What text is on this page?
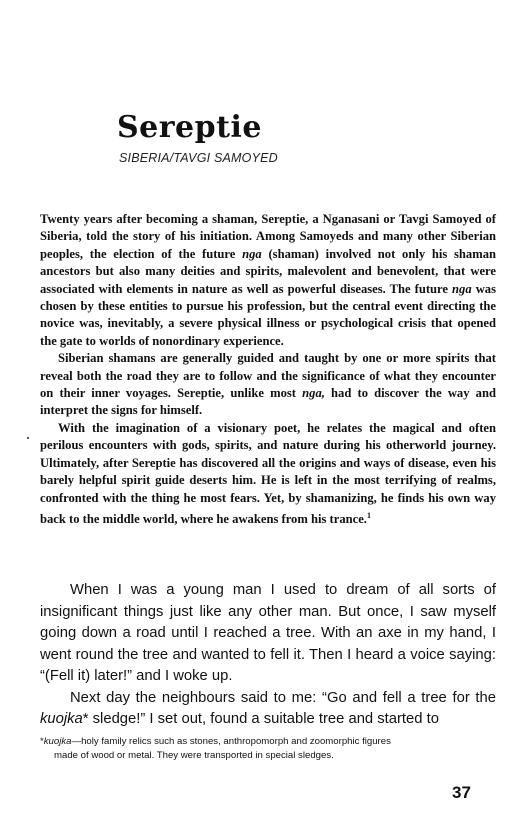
Sereptie
SIBERIA/TAVGI SAMOYED

Twenty years after becoming a shaman, Sereptie, a Nganasani or Tavgi Samoyed of Siberia, told the story of his initiation. Among Samoyeds and many other Siberian peoples, the election of the future nga (shaman) involved not only his shaman ancestors but also many deities and spirits, malevolent and benevolent, that were associated with elements in nature as well as powerful diseases. The future nga was chosen by these entities to pursue his profession, but the central event directing the novice was, inevitably, a severe physical illness or psychological crisis that opened the gate to worlds of nonordinary experience.

Siberian shamans are generally guided and taught by one or more spirits that reveal both the road they are to follow and the significance of what they encounter on their inner voyages. Sereptie, unlike most nga, had to discover the way and interpret the signs for himself.

With the imagination of a visionary poet, he relates the magical and often perilous encounters with gods, spirits, and nature during his otherworld journey. Ultimately, after Sereptie has discovered all the origins and ways of disease, even his barely helpful spirit guide deserts him. He is left in the most terrifying of realms, confronted with the thing he most fears. Yet, by shamanizing, he finds his own way back to the middle world, where he awakens from his trance.$^1$

When I was a young man I used to dream of all sorts of insignificant things just like any other man. But once, I saw myself going down a road until I reached a tree. With an axe in my hand, I went round the tree and wanted to fell it. Then I heard a voice saying: “(Fell it) later!” and I woke up.

Next day the neighbours said to me: “Go and fell a tree for the kuojka* sledge!” I set out, found a suitable tree and started to

*kuojka—holy family relics such as stones, anthropomorph and zoomorphic figures
made of wood or metal. They were transported in special sledges.
37
